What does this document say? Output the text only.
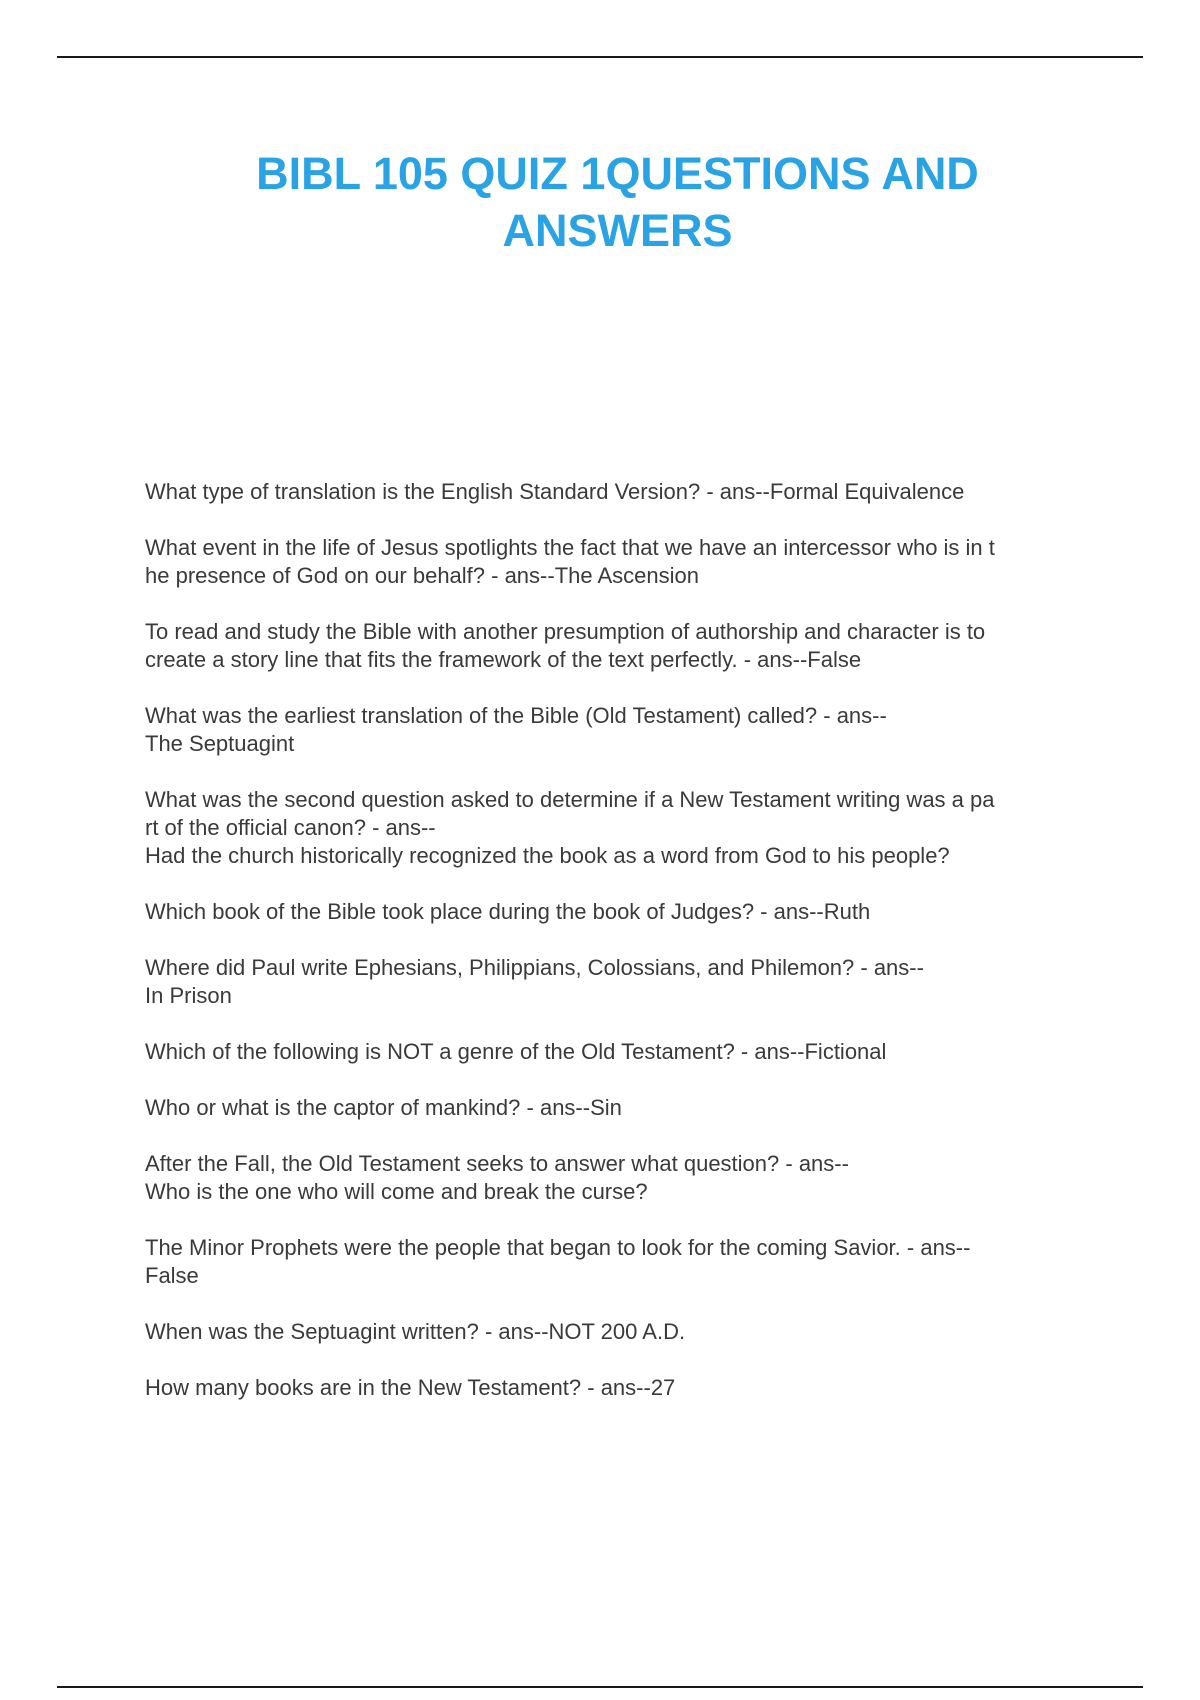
BIBL 105 QUIZ 1QUESTIONS AND
ANSWERS
What type of translation is the English Standard Version? - ans--Formal Equivalence
What event in the life of Jesus spotlights the fact that we have an intercessor who is in t
he presence of God on our behalf? - ans--The Ascension
To read and study the Bible with another presumption of authorship and character is to
create a story line that fits the framework of the text perfectly. - ans--False
What was the earliest translation of the Bible (Old Testament) called? - ans--
The Septuagint
What was the second question asked to determine if a New Testament writing was a pa
rt of the official canon? - ans--
Had the church historically recognized the book as a word from God to his people?
Which book of the Bible took place during the book of Judges? - ans--Ruth
Where did Paul write Ephesians, Philippians, Colossians, and Philemon? - ans--
In Prison
Which of the following is NOT a genre of the Old Testament? - ans--Fictional
Who or what is the captor of mankind? - ans--Sin
After the Fall, the Old Testament seeks to answer what question? - ans--
Who is the one who will come and break the curse?
The Minor Prophets were the people that began to look for the coming Savior. - ans--
False
When was the Septuagint written? - ans--NOT 200 A.D.
How many books are in the New Testament? - ans--27
